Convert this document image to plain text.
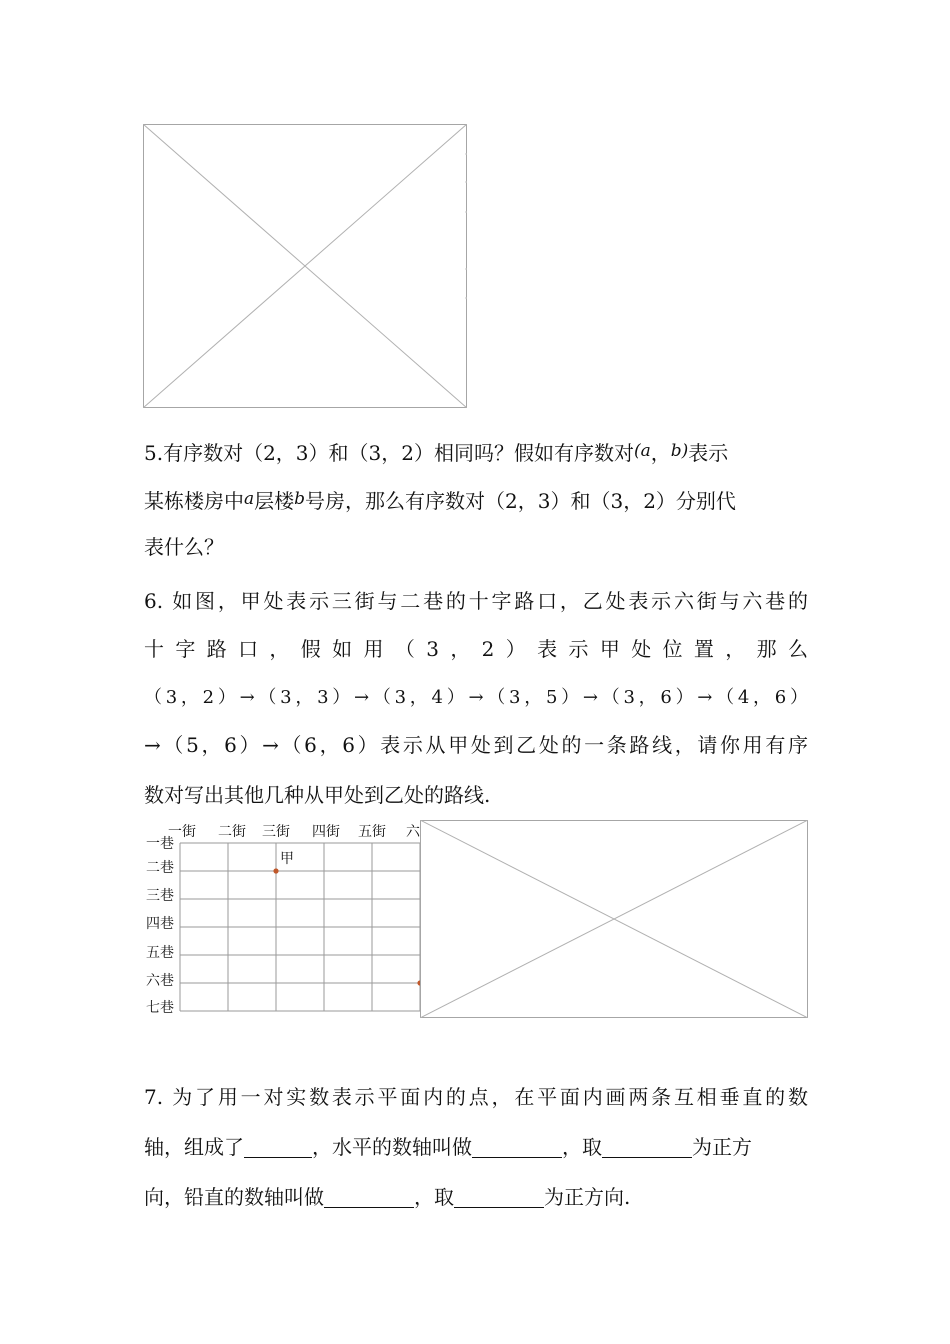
5.有序数对（2，3）和（3，2）相同吗？假如有序数对$^{(a}$，$^{b)}$表示

某栋楼房中$^a$层楼$^b$号房，那么有序数对（2，3）和（3，2）分别代

表什么？

6. 如图，甲处表示三街与二巷的十字路口，乙处表示六街与六巷的

十字路口，假如用（3，2）表示甲处位置，那么

（3，2）→（3，3）→（3，4）→（3，5）→（3，6）→（4，6）

→（5，6）→（6，6）表示从甲处到乙处的一条路线，请你用有序

数对写出其他几种从甲处到乙处的路线.

一街 二街 三街 四街 五街 六
一巷
二巷
三巷
四巷
五巷
六巷
七巷
甲

7. 为了用一对实数表示平面内的点，在平面内画两条互相垂直的数

轴，组成了	，水平的数轴叫做	，取	为正方

向，铅直的数轴叫做	，取	为正方向.
